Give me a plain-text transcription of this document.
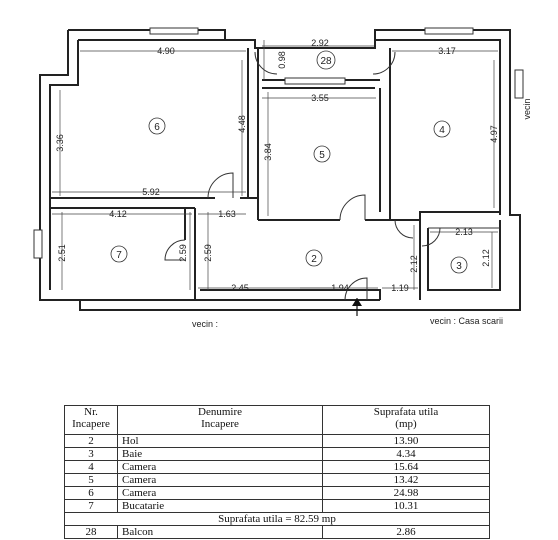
4.90
0.98
2.92
3.17
3.55
3.36
4.48
3.84
4.97
5.92
4.12	1.63
2.51	2.59 2.59
2.13
2.12	2.12
2.45	1.94	1.19
6
5
4
7	2
3
28
vecin :	vecin : Casa scarii
vecin
Nr.
Incapere	Denumire
Incapere	Suprafata utila
(mp)
2	Hol	13.90
3	Baie	4.34
4	Camera	15.64
5	Camera	13.42
6	Camera	24.98
7	Bucatarie	10.31
Suprafata utila = 82.59 mp		
28	Balcon	2.86
